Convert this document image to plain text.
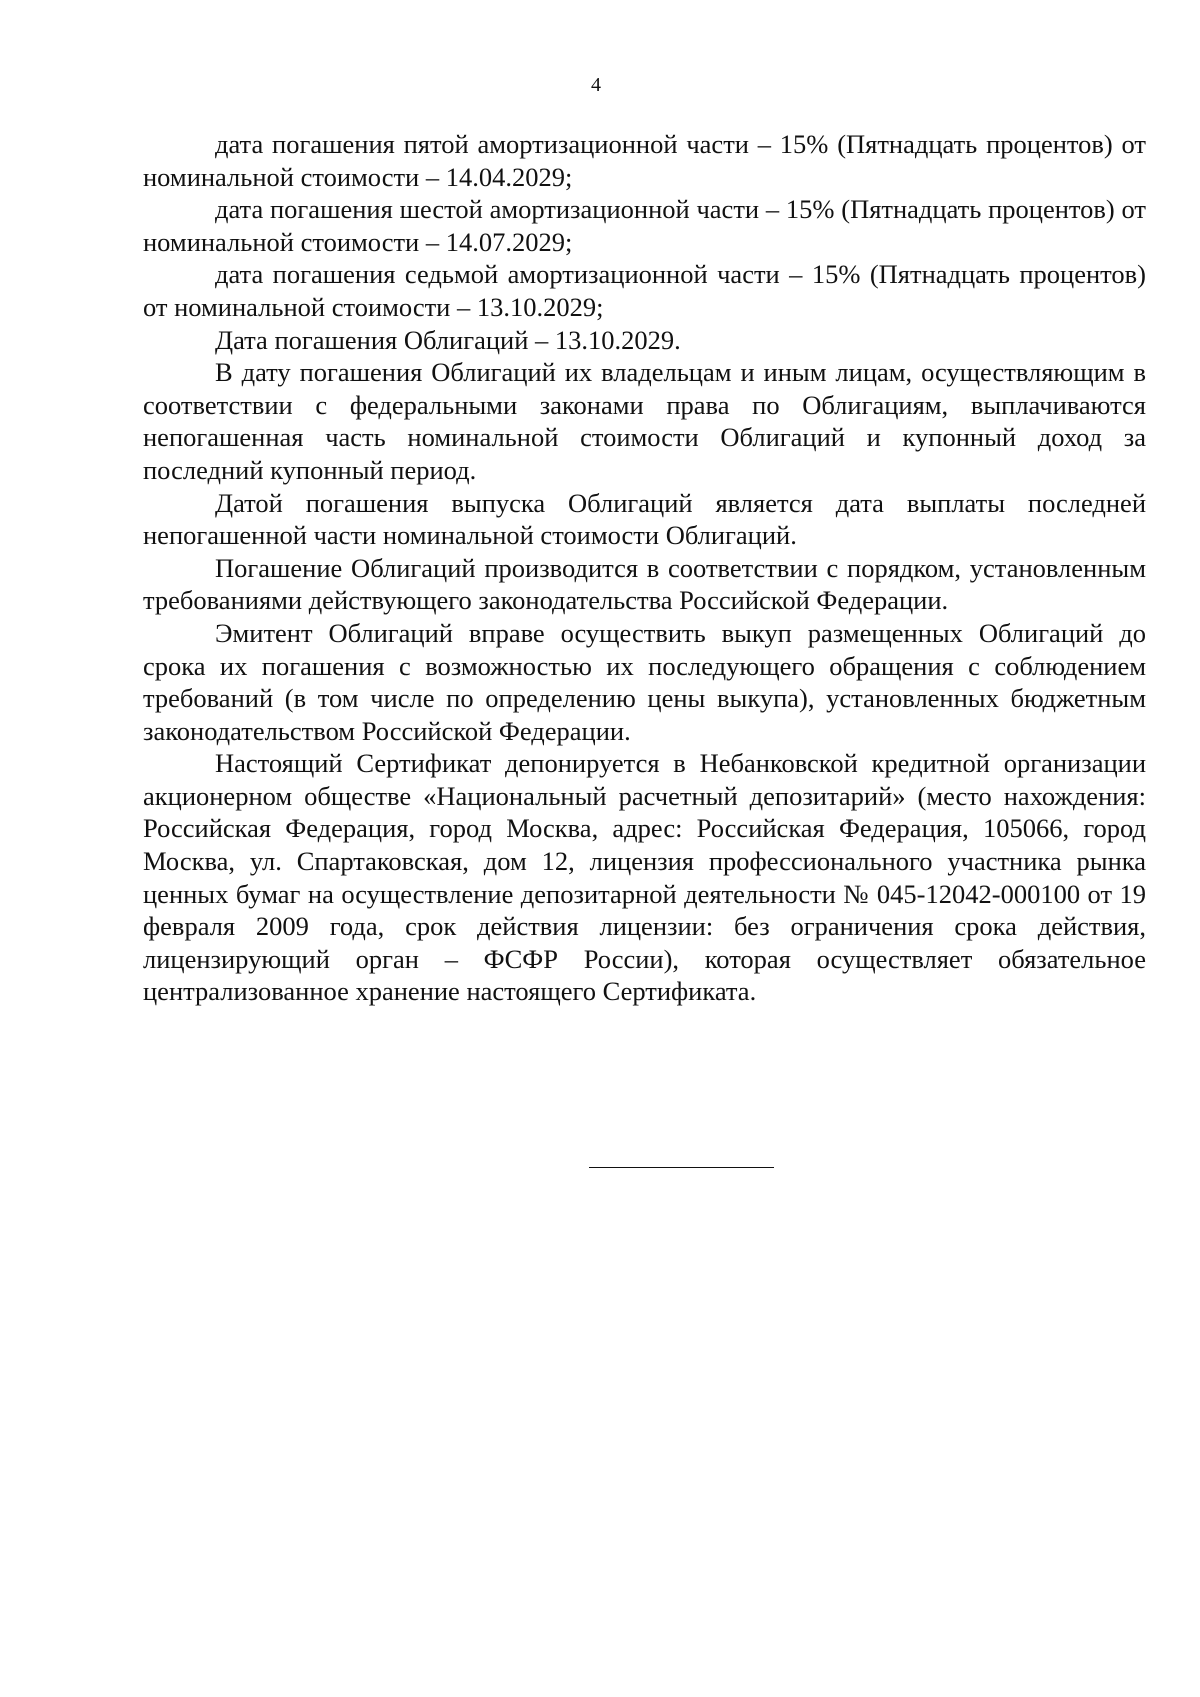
4

дата погашения пятой амортизационной части – 15% (Пятнадцать процентов) от номинальной стоимости – 14.04.2029;

дата погашения шестой амортизационной части – 15% (Пятнадцать процентов) от номинальной стоимости – 14.07.2029;

дата погашения седьмой амортизационной части – 15% (Пятнадцать процентов) от номинальной стоимости – 13.10.2029;

Дата погашения Облигаций – 13.10.2029.

В дату погашения Облигаций их владельцам и иным лицам, осуществляющим в соответствии с федеральными законами права по Облигациям, выплачиваются непогашенная часть номинальной стоимости Облигаций и купонный доход за последний купонный период.

Датой погашения выпуска Облигаций является дата выплаты последней непогашенной части номинальной стоимости Облигаций.

Погашение Облигаций производится в соответствии с порядком, установленным требованиями действующего законодательства Российской Федерации.

Эмитент Облигаций вправе осуществить выкуп размещенных Облигаций до срока их погашения с возможностью их последующего обращения с соблюдением требований (в том числе по определению цены выкупа), установленных бюджетным законодательством Российской Федерации.

Настоящий Сертификат депонируется в Небанковской кредитной организации акционерном обществе «Национальный расчетный депозитарий» (место нахождения: Российская Федерация, город Москва, адрес: Российская Федерация, 105066, город Москва, ул. Спартаковская, дом 12, лицензия профессионального участника рынка ценных бумаг на осуществление депозитарной деятельности № 045-12042-000100 от 19 февраля 2009 года, срок действия лицензии: без ограничения срока действия, лицензирующий орган – ФСФР России), которая осуществляет обязательное централизованное хранение настоящего Сертификата.
